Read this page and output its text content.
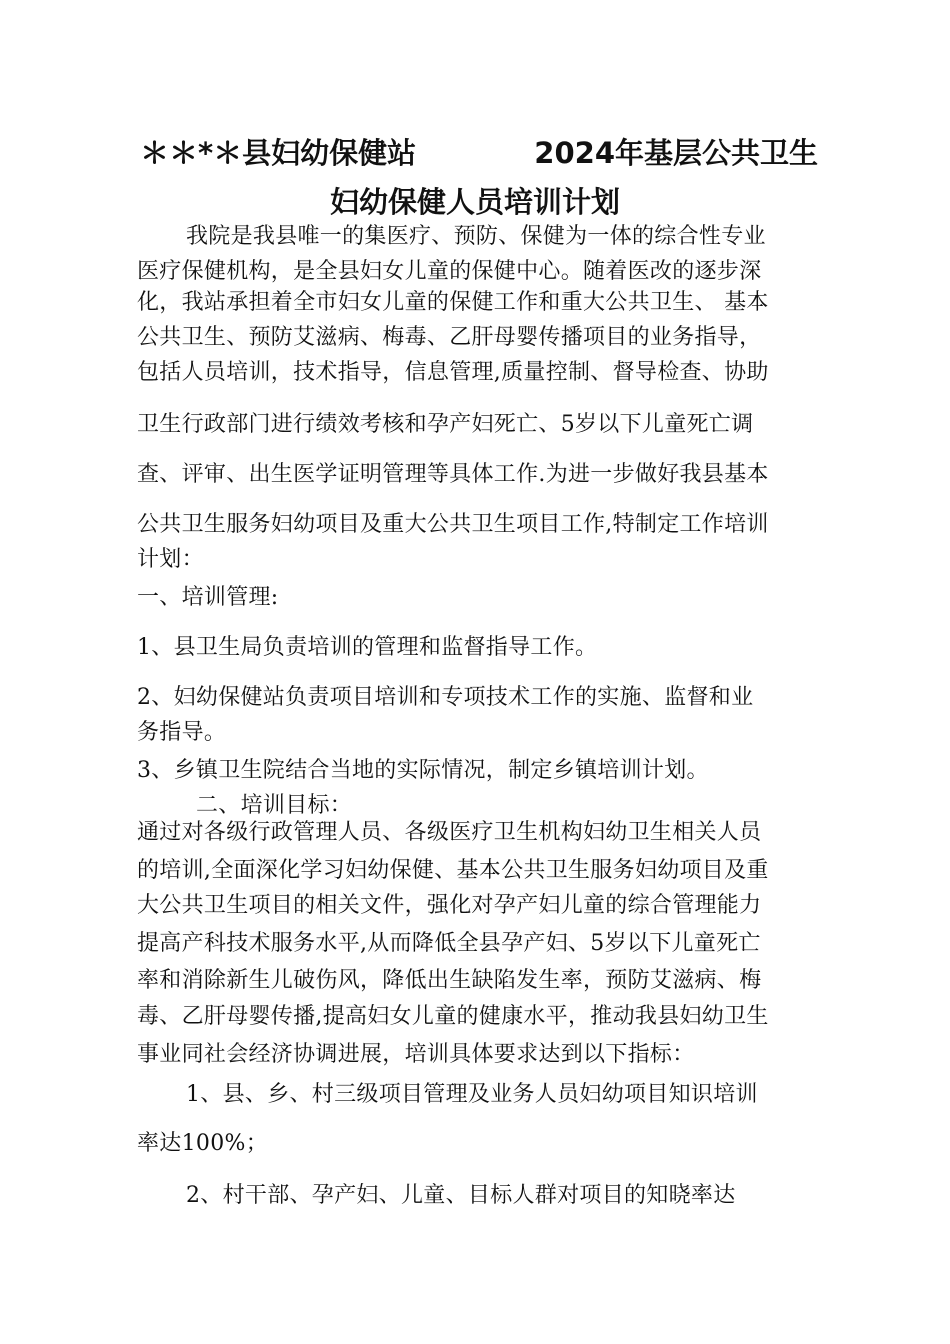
＊＊*＊县妇幼保健站	2024年基层公共卫生
妇幼保健人员培训计划
我院是我县唯一的集医疗、预防、保健为一体的综合性专业
医疗保健机构，是全县妇女儿童的保健中心。随着医改的逐步深
化，我站承担着全市妇女儿童的保健工作和重大公共卫生、 基本
公共卫生、预防艾滋病、梅毒、乙肝母婴传播项目的业务指导，
包括人员培训，技术指导，信息管理,质量控制、督导检查、协助
卫生行政部门进行绩效考核和孕产妇死亡、5岁以下儿童死亡调
查、评审、出生医学证明管理等具体工作.为进一步做好我县基本
公共卫生服务妇幼项目及重大公共卫生项目工作,特制定工作培训
计划：
一、培训管理:
1、县卫生局负责培训的管理和监督指导工作。
2、妇幼保健站负责项目培训和专项技术工作的实施、监督和业
务指导。
3、乡镇卫生院结合当地的实际情况，制定乡镇培训计划。
二、培训目标：
通过对各级行政管理人员、各级医疗卫生机构妇幼卫生相关人员
的培训,全面深化学习妇幼保健、基本公共卫生服务妇幼项目及重
大公共卫生项目的相关文件，强化对孕产妇儿童的综合管理能力
提高产科技术服务水平,从而降低全县孕产妇、5岁以下儿童死亡
率和消除新生儿破伤风，降低出生缺陷发生率，预防艾滋病、梅
毒、乙肝母婴传播,提高妇女儿童的健康水平，推动我县妇幼卫生
事业同社会经济协调进展，培训具体要求达到以下指标：
1、县、乡、村三级项目管理及业务人员妇幼项目知识培训
率达100%；
2、村干部、孕产妇、儿童、目标人群对项目的知晓率达
